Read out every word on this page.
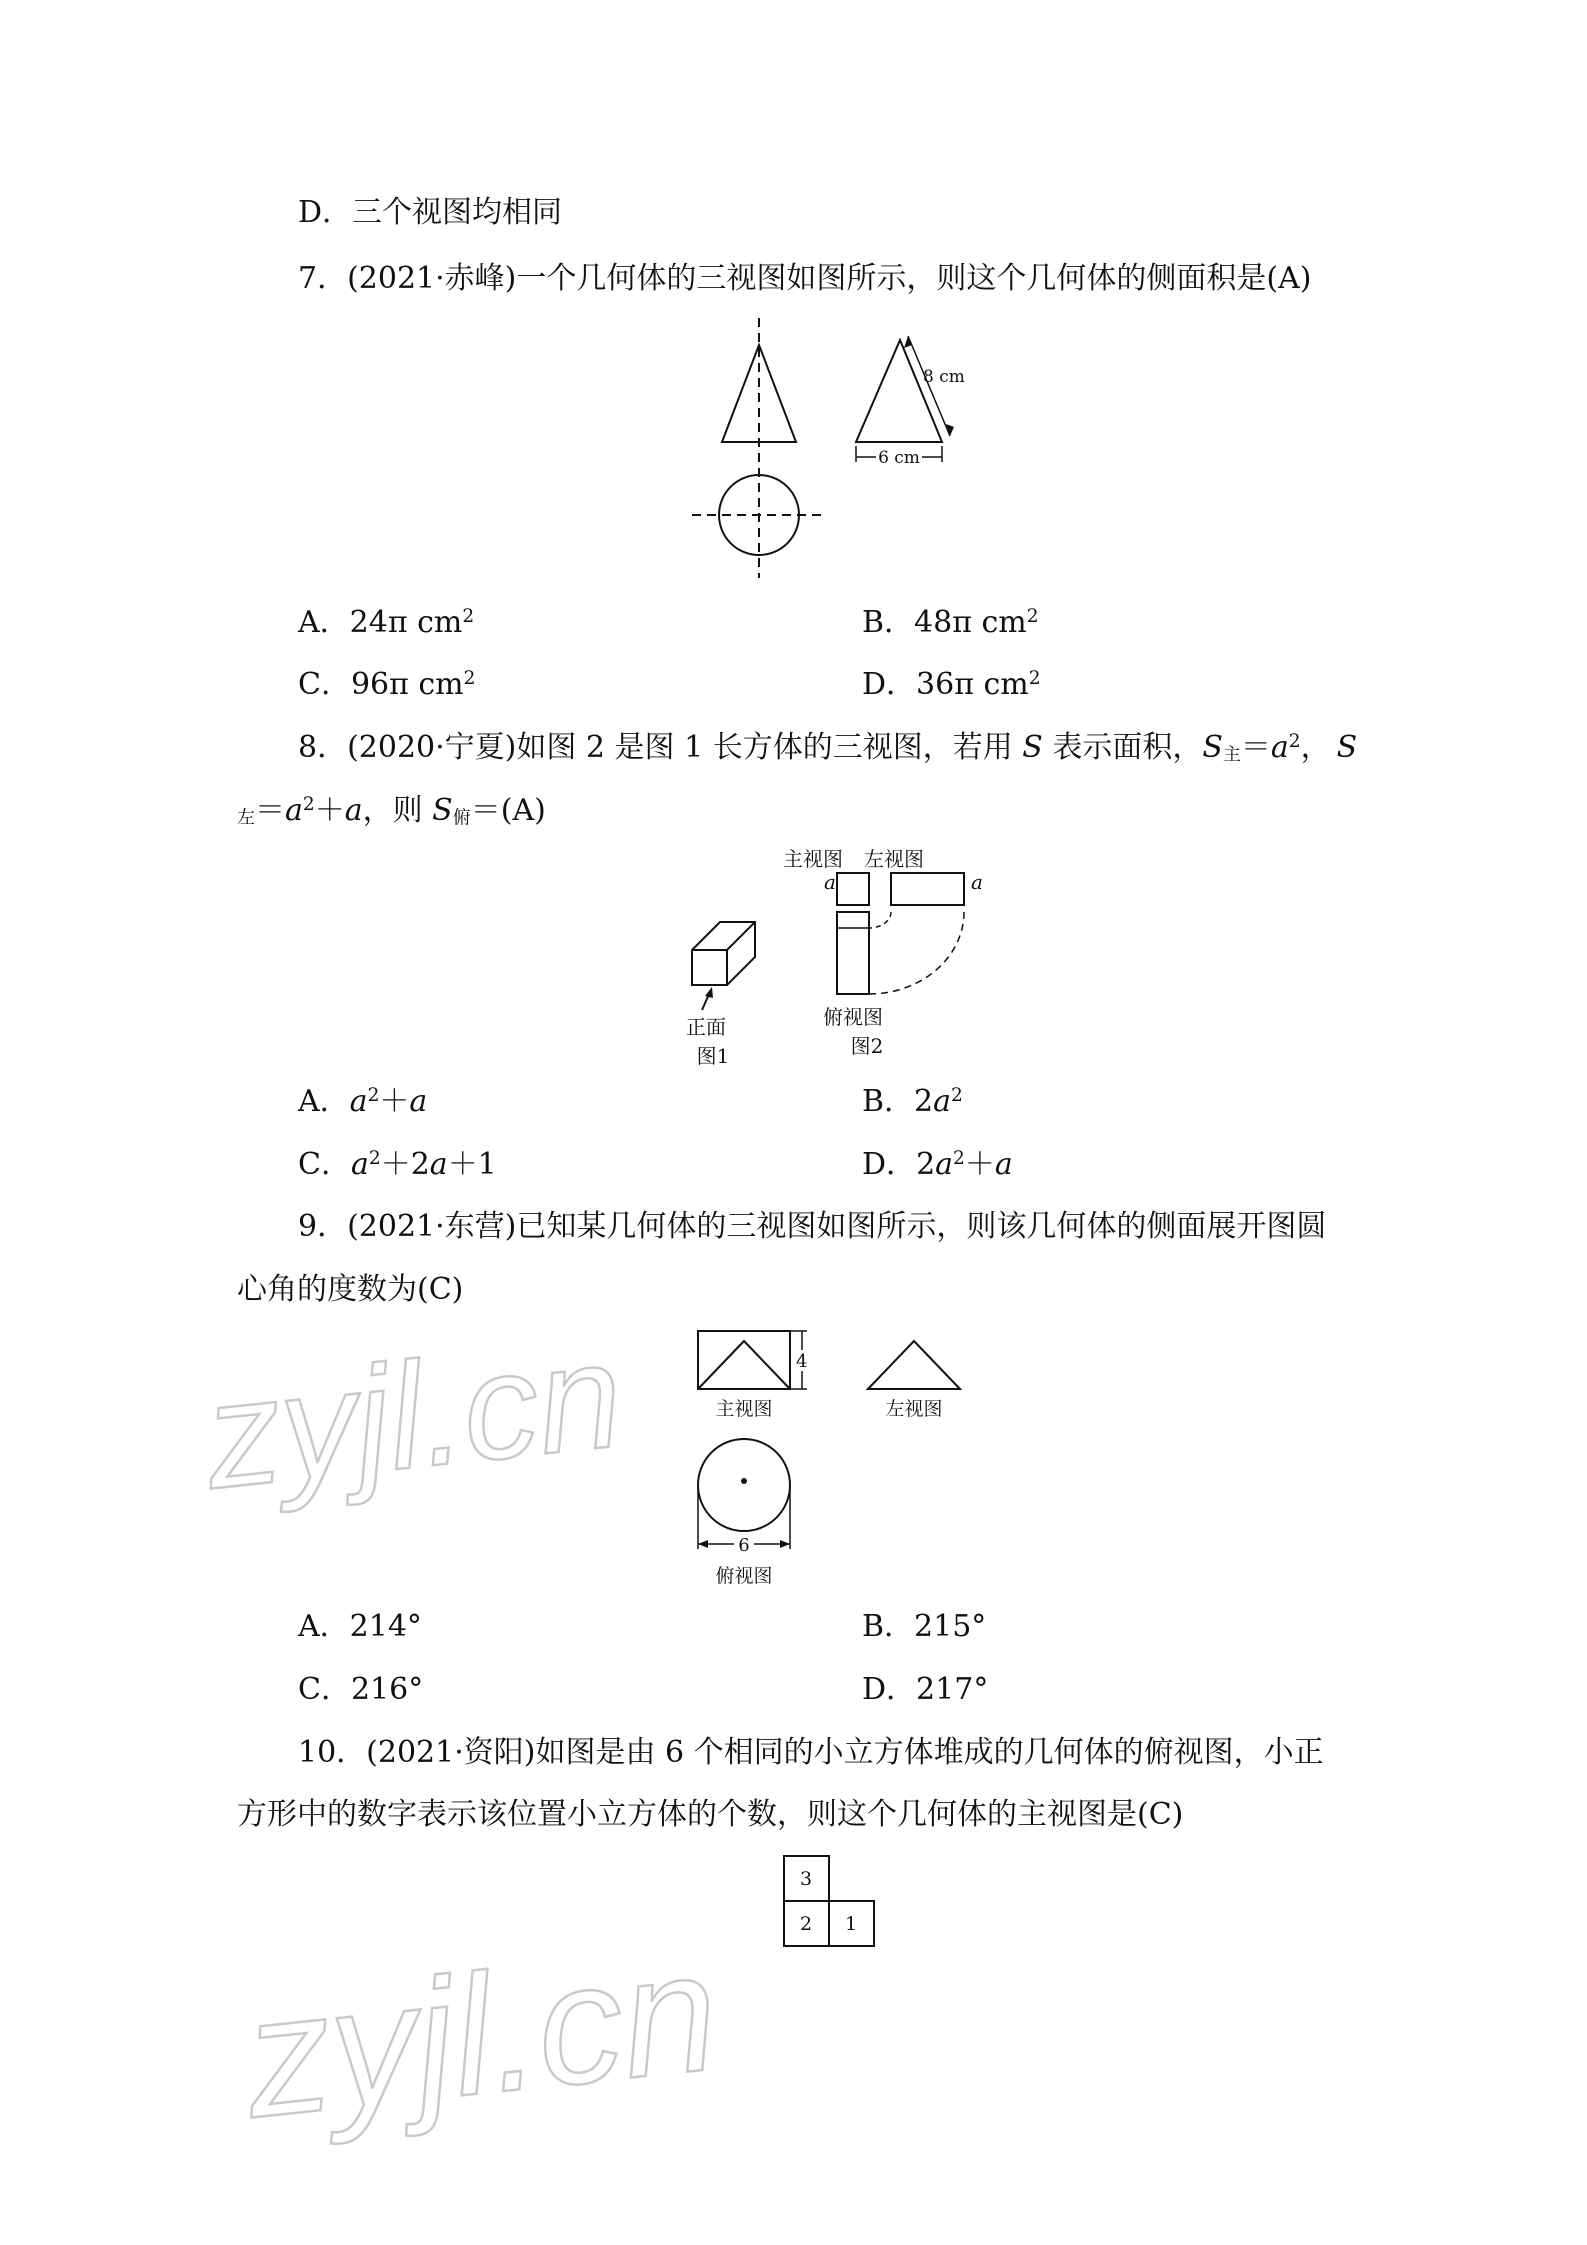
D．三个视图均相同
7．(2021·赤峰)一个几何体的三视图如图所示，则这个几何体的侧面积是(A)
8 cm
6 cm
A．24π $cm^2$	B．48π $cm^2$
C．96π $cm^2$	D．36π $cm^2$
8．(2020·宁夏)如图 2 是图 1 长方体的三视图，若用 S 表示面积，$S_主=a^2$， S
$_左=a^2+a$，则 $S_俯=(A)$
正面
图1
主视图 左视图
a	a
俯视图
图2
A．$a^2+a$	B．$2a^2$
C．$a^2+2a+1$	D．$2a^2+a$
9．(2021·东营)已知某几何体的三视图如图所示，则该几何体的侧面展开图圆
心角的度数为(C)
4
主视图	左视图
6
俯视图
A．214°	B．215°
C．216°	D．217°
10．(2021·资阳)如图是由 6 个相同的小立方体堆成的几何体的俯视图，小正
方形中的数字表示该位置小立方体的个数，则这个几何体的主视图是(C)
3
2 1
zyjl.cn
zyjl.cn
